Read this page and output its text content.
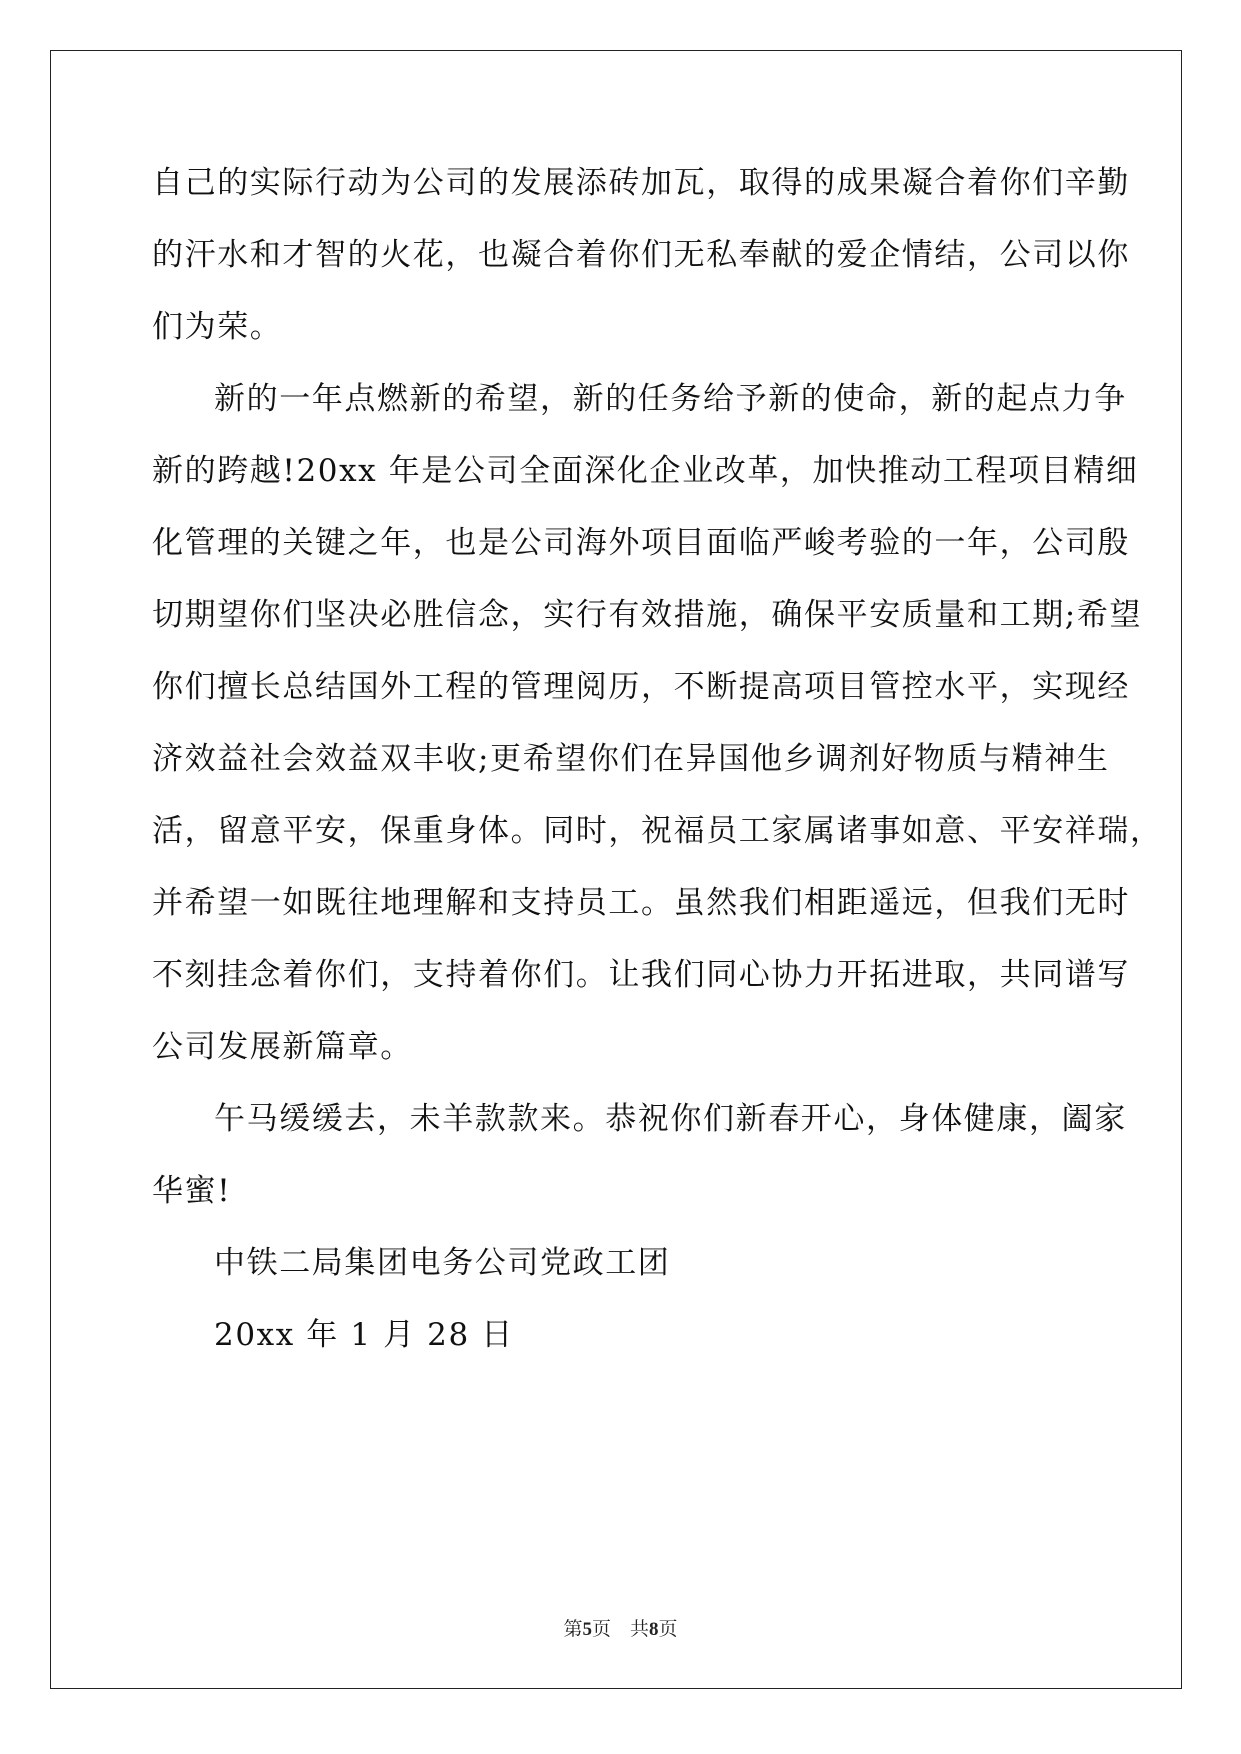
自己的实际行动为公司的发展添砖加瓦，取得的成果凝合着你们辛勤
的汗水和才智的火花，也凝合着你们无私奉献的爱企情结，公司以你
们为荣。
新的一年点燃新的希望，新的任务给予新的使命，新的起点力争
新的跨越!20xx 年是公司全面深化企业改革，加快推动工程项目精细
化管理的关键之年，也是公司海外项目面临严峻考验的一年，公司殷
切期望你们坚决必胜信念，实行有效措施，确保平安质量和工期;希望
你们擅长总结国外工程的管理阅历，不断提高项目管控水平，实现经
济效益社会效益双丰收;更希望你们在异国他乡调剂好物质与精神生
活，留意平安，保重身体。同时，祝福员工家属诸事如意、平安祥瑞，
并希望一如既往地理解和支持员工。虽然我们相距遥远，但我们无时
不刻挂念着你们，支持着你们。让我们同心协力开拓进取，共同谱写
公司发展新篇章。
午马缓缓去，未羊款款来。恭祝你们新春开心，身体健康，阖家
华蜜!
中铁二局集团电务公司党政工团
20xx 年 1 月 28 日
第5页　共8页
